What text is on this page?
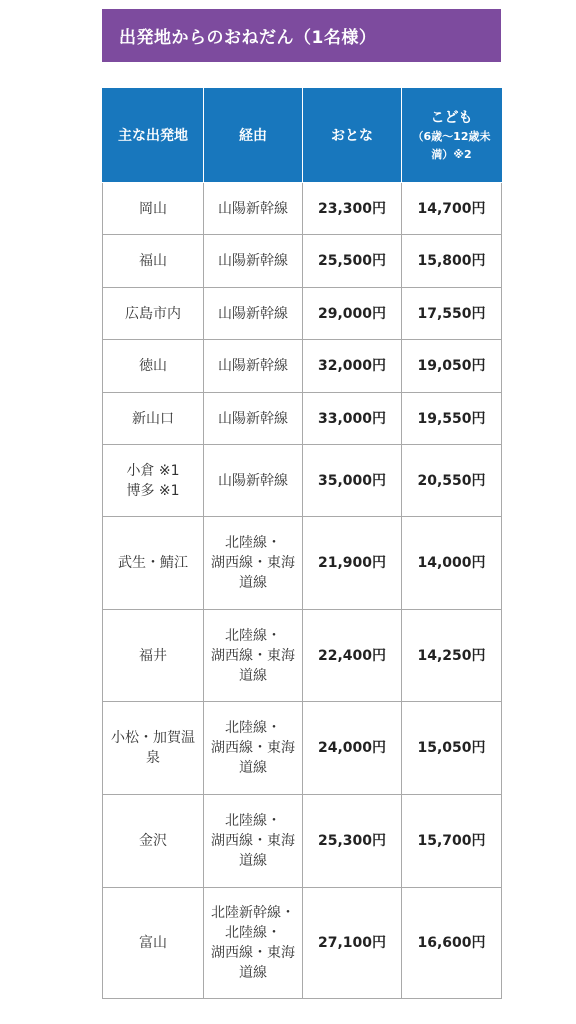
出発地からのおねだん（1名様）
主な出発地	経由	おとな	こども
（6歳～12歳未
満）※2

岡山	山陽新幹線	23,300円	14,700円

福山	山陽新幹線	25,500円	15,800円

広島市内	山陽新幹線	29,000円	17,550円

徳山	山陽新幹線	32,000円	19,050円

新山口	山陽新幹線	33,000円	19,550円

小倉 ※1
博多 ※1	山陽新幹線	35,000円	20,550円

武生・鯖江	北陸線・
湖西線・東海
道線	21,900円	14,000円

福井	北陸線・
湖西線・東海
道線	22,400円	14,250円

小松・加賀温
泉	北陸線・
湖西線・東海
道線	24,000円	15,050円

金沢	北陸線・
湖西線・東海
道線	25,300円	15,700円

富山	北陸新幹線・
北陸線・
湖西線・東海
道線	27,100円	16,600円
